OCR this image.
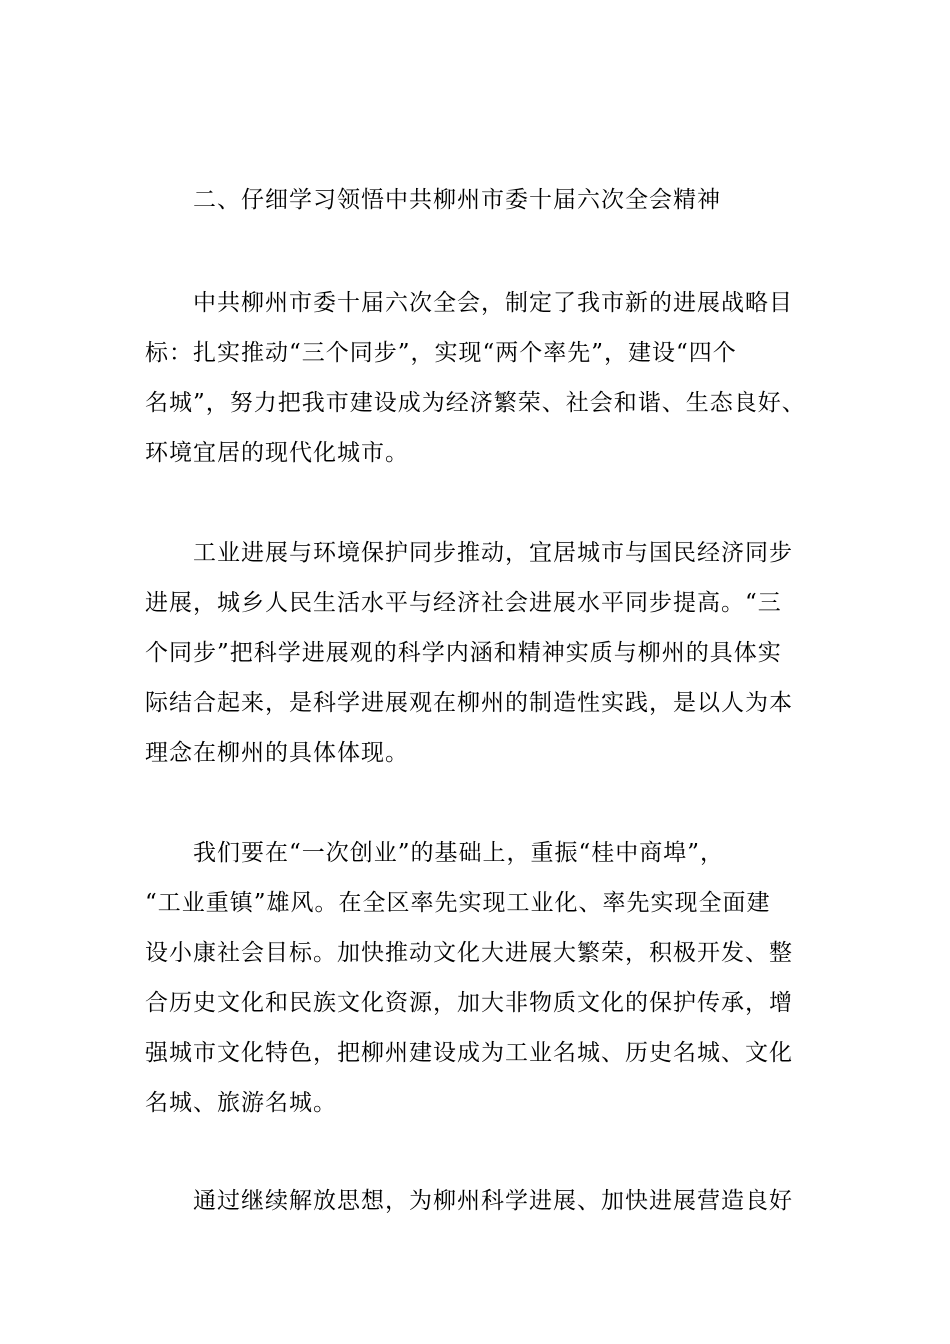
二、仔细学习领悟中共柳州市委十届六次全会精神
中共柳州市委十届六次全会，制定了我市新的进展战略目
标：扎实推动“三个同步”，实现“两个率先”，建设“四个
名城”，努力把我市建设成为经济繁荣、社会和谐、生态良好、
环境宜居的现代化城市。
工业进展与环境保护同步推动，宜居城市与国民经济同步
进展，城乡人民生活水平与经济社会进展水平同步提高。“三
个同步”把科学进展观的科学内涵和精神实质与柳州的具体实
际结合起来，是科学进展观在柳州的制造性实践，是以人为本
理念在柳州的具体体现。
我们要在“一次创业”的基础上，重振“桂中商埠”，
“工业重镇”雄风。在全区率先实现工业化、率先实现全面建
设小康社会目标。加快推动文化大进展大繁荣，积极开发、整
合历史文化和民族文化资源，加大非物质文化的保护传承，增
强城市文化特色，把柳州建设成为工业名城、历史名城、文化
名城、旅游名城。
通过继续解放思想，为柳州科学进展、加快进展营造良好
